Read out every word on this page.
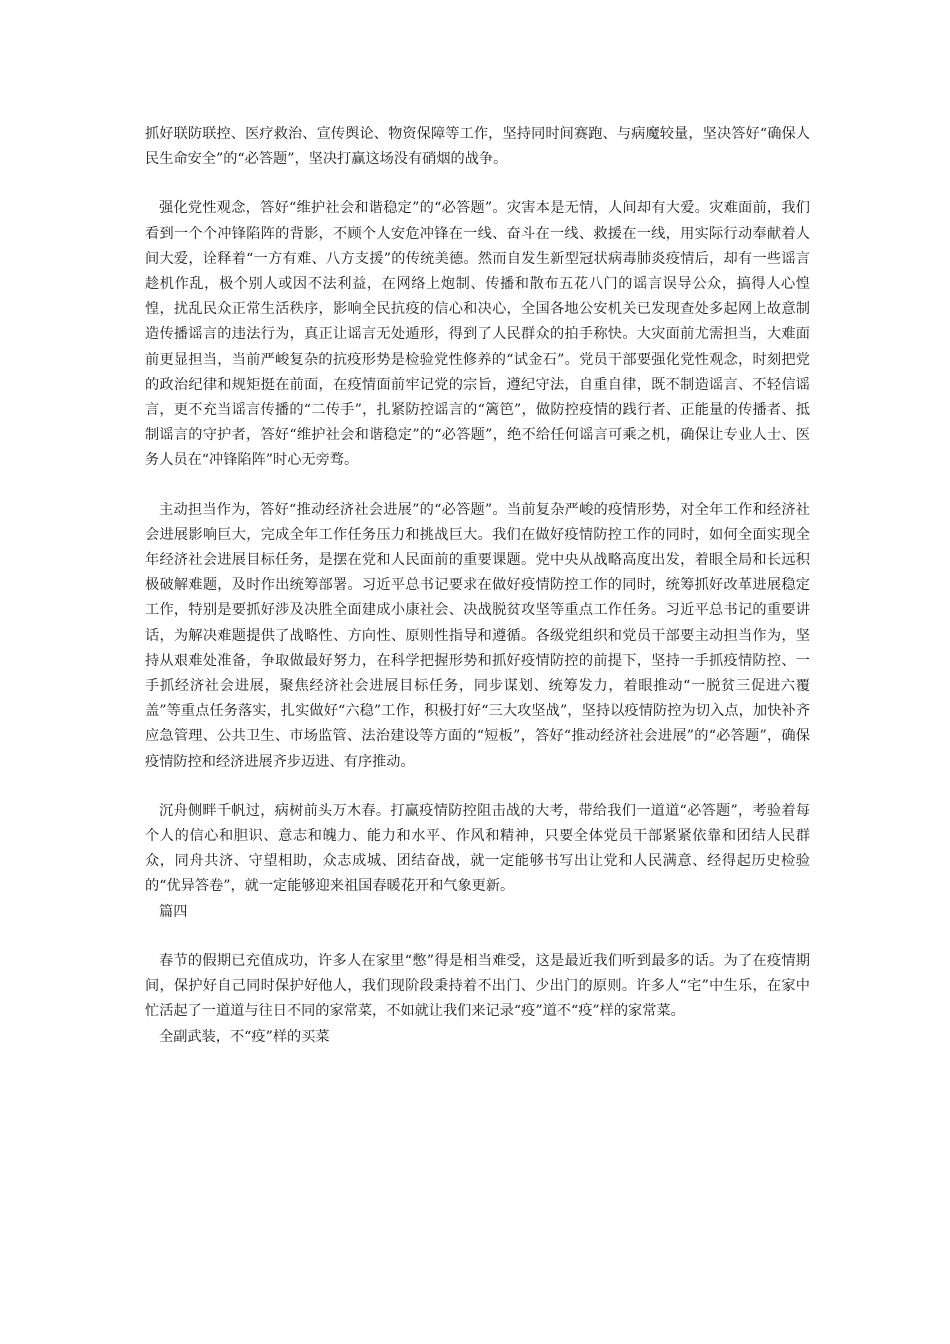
抓好联防联控、医疗救治、宣传舆论、物资保障等工作，坚持同时间赛跑、与病魔较量，坚决答好“确保人民生命安全”的“必答题”，坚决打赢这场没有硝烟的战争。

强化党性观念，答好“维护社会和谐稳定”的“必答题”。灾害本是无情，人间却有大爱。灾难面前，我们看到一个个冲锋陷阵的背影，不顾个人安危冲锋在一线、奋斗在一线、救援在一线，用实际行动奉献着人间大爱，诠释着“一方有难、八方支援”的传统美德。然而自发生新型冠状病毒肺炎疫情后，却有一些谣言趁机作乱，极个别人或因不法利益，在网络上炮制、传播和散布五花八门的谣言误导公众，搞得人心惶惶，扰乱民众正常生活秩序，影响全民抗疫的信心和决心，全国各地公安机关已发现查处多起网上故意制造传播谣言的违法行为，真正让谣言无处遁形，得到了人民群众的拍手称快。大灾面前尤需担当，大难面前更显担当，当前严峻复杂的抗疫形势是检验党性修养的“试金石”。党员干部要强化党性观念，时刻把党的政治纪律和规矩挺在前面，在疫情面前牢记党的宗旨，遵纪守法，自重自律，既不制造谣言、不轻信谣言，更不充当谣言传播的“二传手”，扎紧防控谣言的“篱笆”，做防控疫情的践行者、正能量的传播者、抵制谣言的守护者，答好“维护社会和谐稳定”的“必答题”，绝不给任何谣言可乘之机，确保让专业人士、医务人员在“冲锋陷阵”时心无旁骛。

主动担当作为，答好“推动经济社会进展”的“必答题”。当前复杂严峻的疫情形势，对全年工作和经济社会进展影响巨大，完成全年工作任务压力和挑战巨大。我们在做好疫情防控工作的同时，如何全面实现全年经济社会进展目标任务，是摆在党和人民面前的重要课题。党中央从战略高度出发，着眼全局和长远积极破解难题，及时作出统筹部署。习近平总书记要求在做好疫情防控工作的同时，统筹抓好改革进展稳定工作，特别是要抓好涉及决胜全面建成小康社会、决战脱贫攻坚等重点工作任务。习近平总书记的重要讲话，为解决难题提供了战略性、方向性、原则性指导和遵循。各级党组织和党员干部要主动担当作为，坚持从艰难处准备，争取做最好努力，在科学把握形势和抓好疫情防控的前提下，坚持一手抓疫情防控、一手抓经济社会进展，聚焦经济社会进展目标任务，同步谋划、统筹发力，着眼推动“一脱贫三促进六覆盖”等重点任务落实，扎实做好“六稳”工作，积极打好“三大攻坚战”，坚持以疫情防控为切入点，加快补齐应急管理、公共卫生、市场监管、法治建设等方面的“短板”，答好“推动经济社会进展”的“必答题”，确保疫情防控和经济进展齐步迈进、有序推动。

沉舟侧畔千帆过，病树前头万木春。打赢疫情防控阻击战的大考，带给我们一道道“必答题”，考验着每个人的信心和胆识、意志和魄力、能力和水平、作风和精神，只要全体党员干部紧紧依靠和团结人民群众，同舟共济、守望相助，众志成城、团结奋战，就一定能够书写出让党和人民满意、经得起历史检验的“优异答卷”，就一定能够迎来祖国春暖花开和气象更新。

篇四

春节的假期已充值成功，许多人在家里“憋”得是相当难受，这是最近我们听到最多的话。为了在疫情期间，保护好自己同时保护好他人，我们现阶段秉持着不出门、少出门的原则。许多人“宅”中生乐，在家中忙活起了一道道与往日不同的家常菜，不如就让我们来记录“疫”道不“疫”样的家常菜。

全副武装，不“疫”样的买菜
